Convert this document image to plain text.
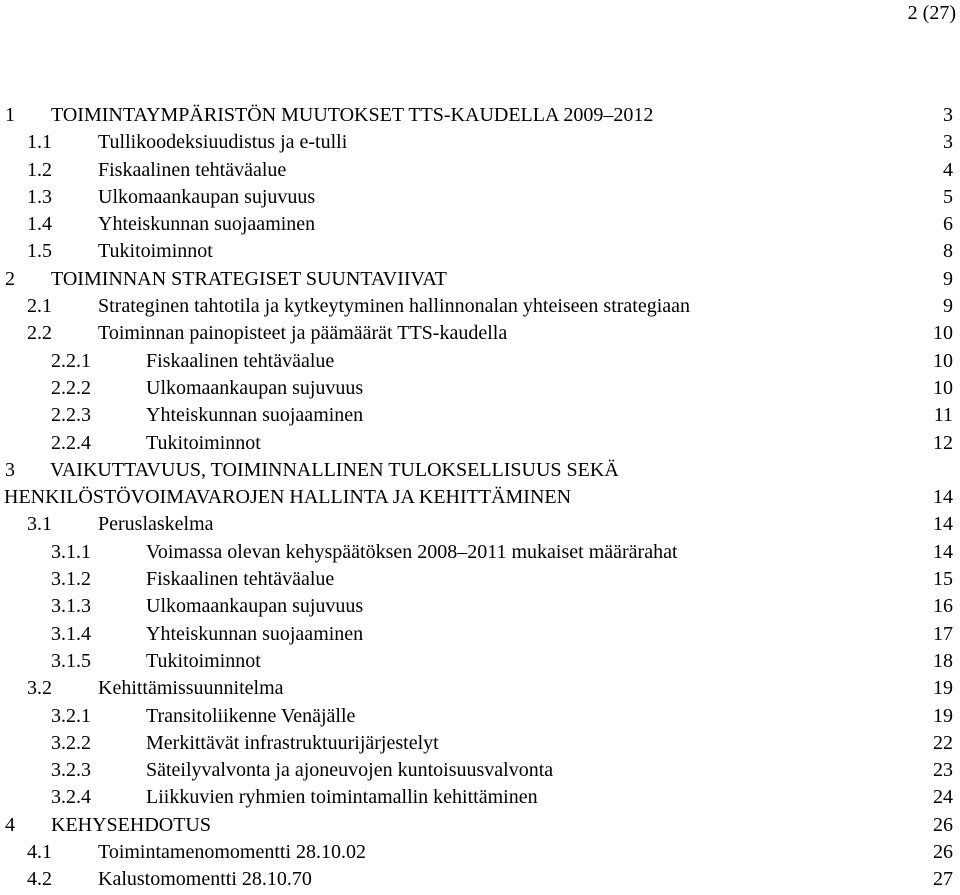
2 (27)
1 TOIMINTAYMPÄRISTÖN MUUTOKSET TTS-KAUDELLA 2009–2012	3
1.1 Tullikoodeksiuudistus ja e-tulli	3
1.2 Fiskaalinen tehtäväalue	4
1.3 Ulkomaankaupan sujuvuus	5
1.4 Yhteiskunnan suojaaminen	6
1.5 Tukitoiminnot	8
2 TOIMINNAN STRATEGISET SUUNTAVIIVAT	9
2.1 Strateginen tahtotila ja kytkeytyminen hallinnonalan yhteiseen strategiaan	9
2.2 Toiminnan painopisteet ja päämäärät TTS-kaudella	10
2.2.1	Fiskaalinen tehtäväalue	10
2.2.2	Ulkomaankaupan sujuvuus	10
2.2.3	Yhteiskunnan suojaaminen	11
2.2.4	Tukitoiminnot	12
3 VAIKUTTAVUUS, TOIMINNALLINEN TULOKSELLISUUS SEKÄ
HENKILÖSTÖVOIMAVAROJEN HALLINTA JA KEHITTÄMINEN	14
3.1 Peruslaskelma	14
3.1.1	Voimassa olevan kehyspäätöksen 2008–2011 mukaiset määrärahat	14
3.1.2	Fiskaalinen tehtäväalue	15
3.1.3	Ulkomaankaupan sujuvuus	16
3.1.4	Yhteiskunnan suojaaminen	17
3.1.5	Tukitoiminnot	18
3.2 Kehittämissuunnitelma	19
3.2.1	Transitoliikenne Venäjälle	19
3.2.2	Merkittävät infrastruktuurijärjestelyt	22
3.2.3	Säteilyvalvonta ja ajoneuvojen kuntoisuusvalvonta	23
3.2.4	Liikkuvien ryhmien toimintamallin kehittäminen	24
4 KEHYSEHDOTUS	26
4.1 Toimintamenomomentti 28.10.02	26
4.2 Kalustomomentti 28.10.70	27
